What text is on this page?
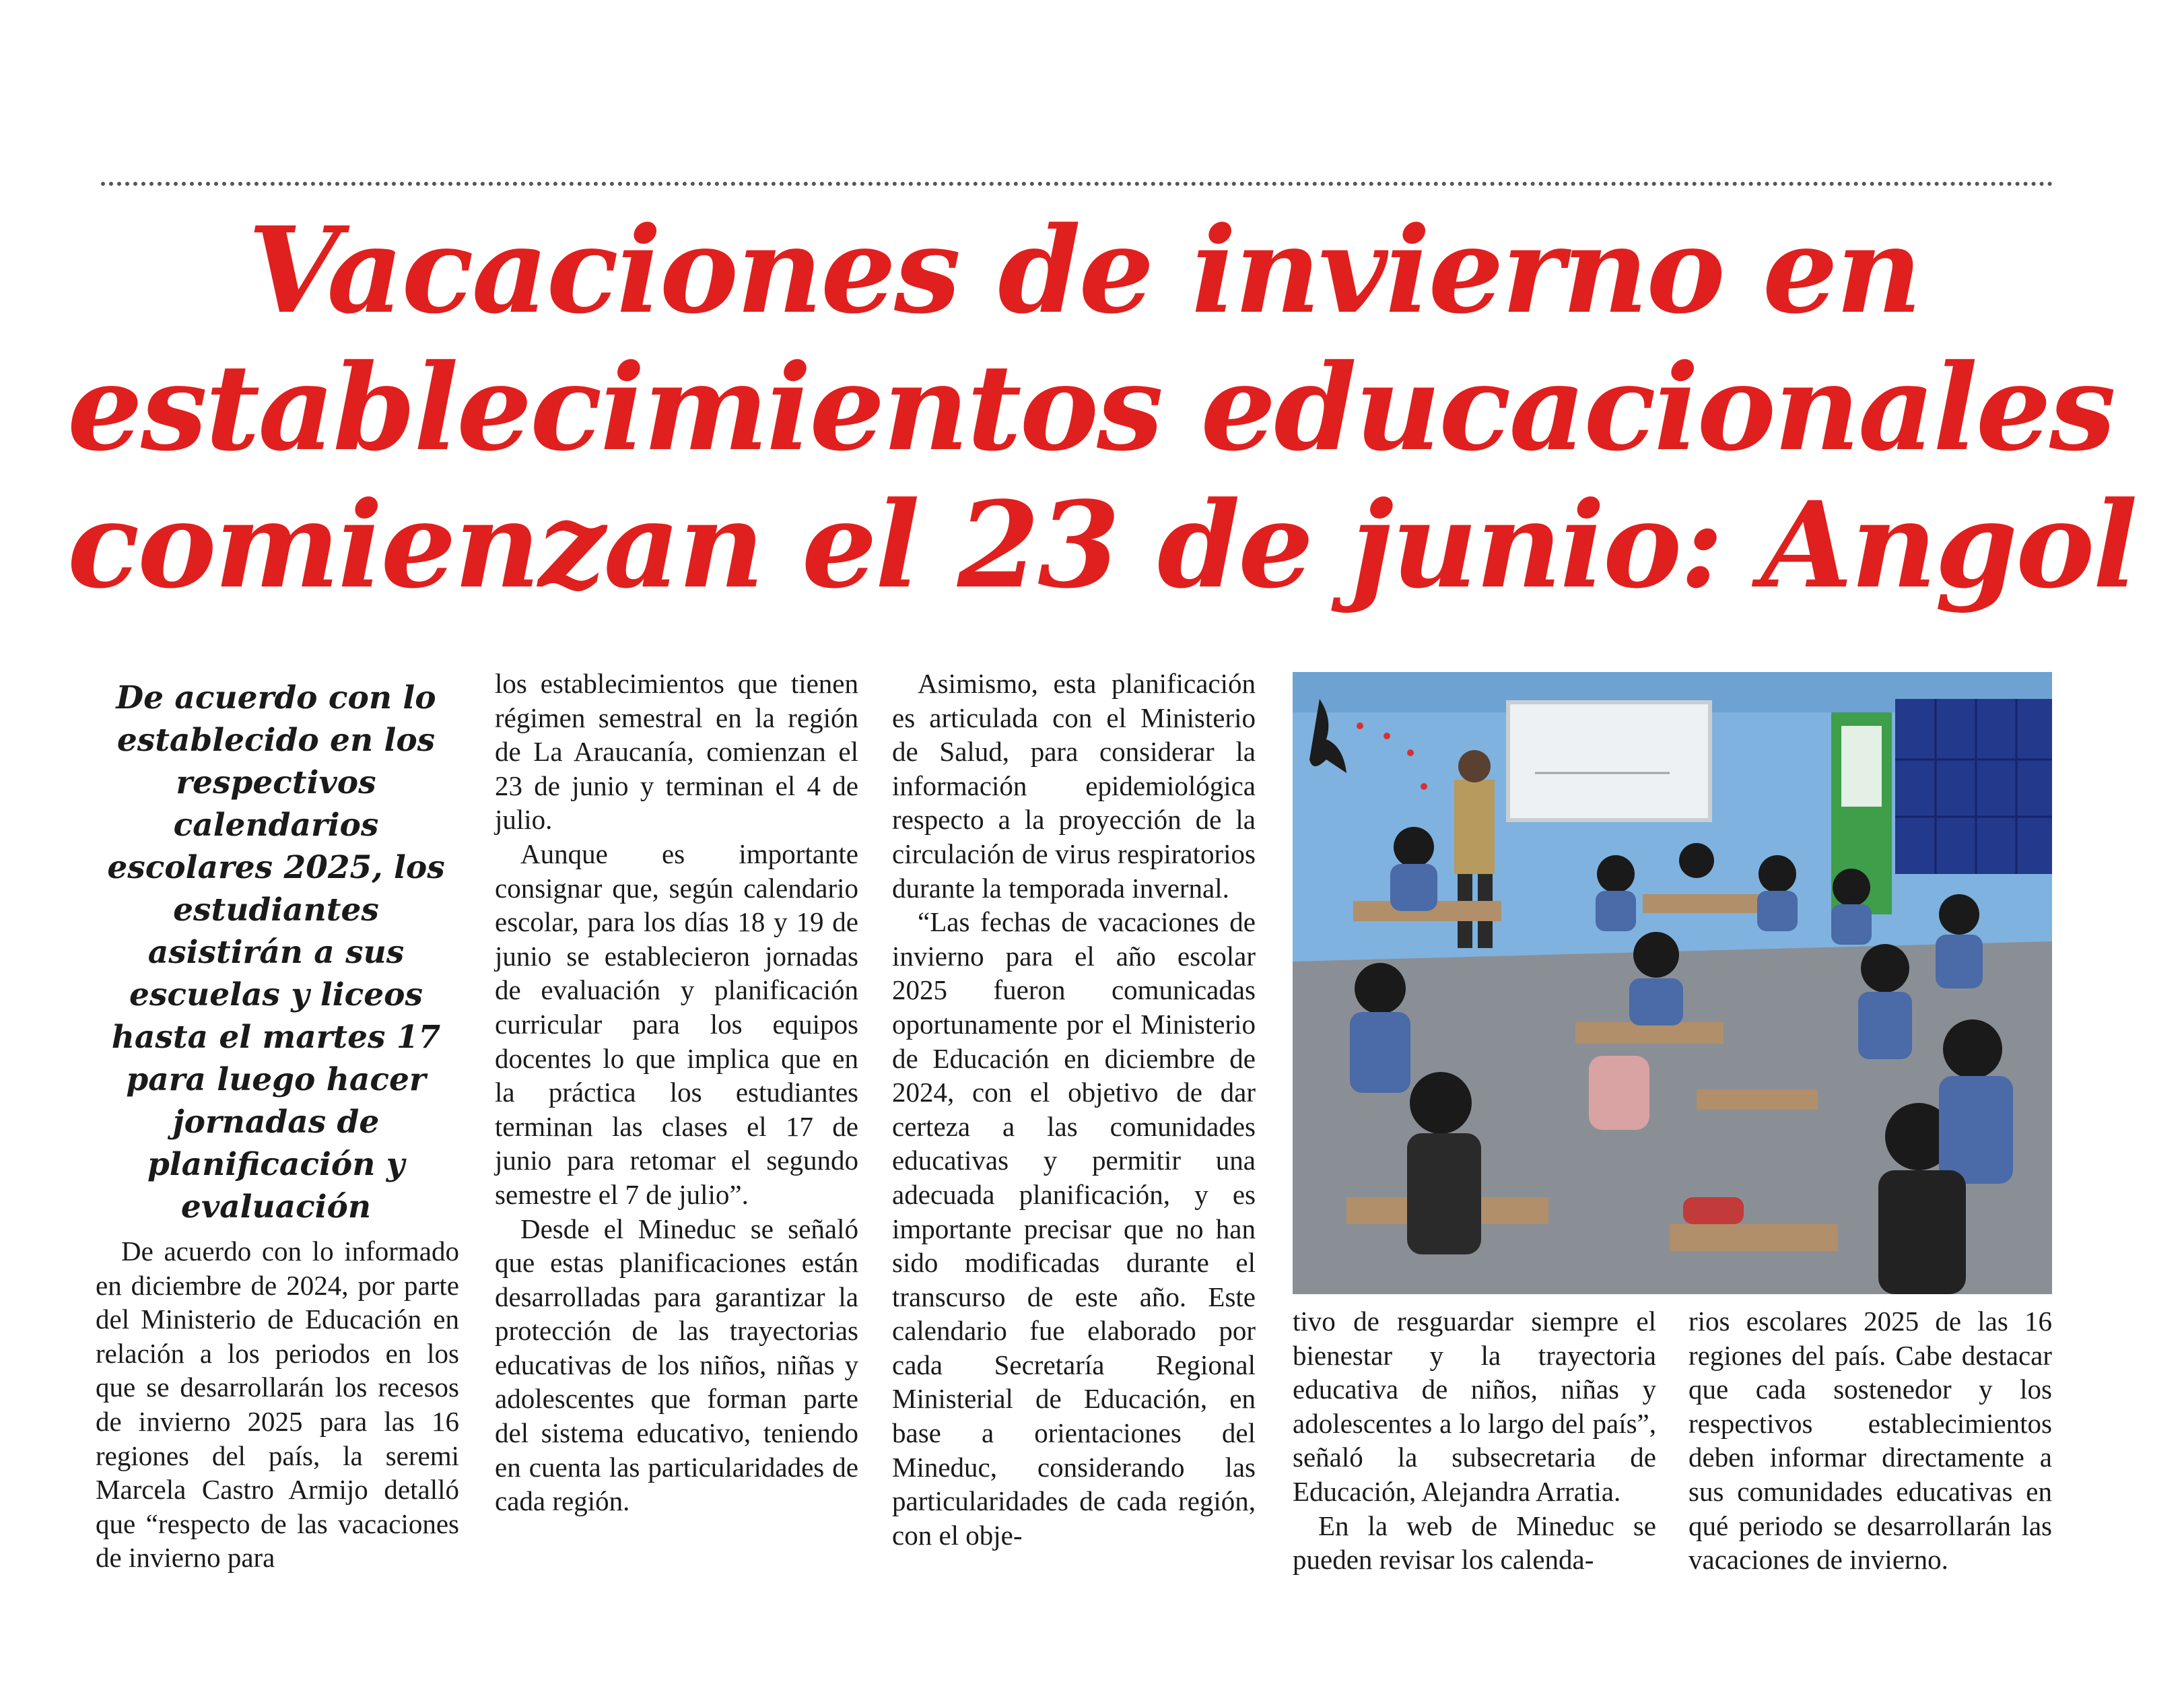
Vacaciones de invierno en
establecimientos educacionales
comienzan el 23 de junio: Angol

De acuerdo con lo establecido en los respectivos calendarios escolares 2025, los estudiantes asistirán a sus escuelas y liceos hasta el martes 17 para luego hacer jornadas de planificación y evaluación

De acuerdo con lo informado en diciembre de 2024, por parte del Ministerio de Educación en relación a los periodos en los que se desarrollarán los recesos de invierno 2025 para las 16 regiones del país, la seremi Marcela Castro Armijo detalló que “respecto de las vacaciones de invierno para

los establecimientos que tienen régimen semestral en la región de La Araucanía, comienzan el 23 de junio y terminan el 4 de julio.

Aunque es importante consignar que, según calendario escolar, para los días 18 y 19 de junio se establecieron jornadas de evaluación y planificación curricular para los equipos docentes lo que implica que en la práctica los estudiantes terminan las clases el 17 de junio para retomar el segundo semestre el 7 de julio”.

Desde el Mineduc se señaló que estas planificaciones están desarrolladas para garantizar la protección de las trayectorias educativas de los niños, niñas y adolescentes que forman parte del sistema educativo, teniendo en cuenta las particularidades de cada región.

Asimismo, esta planificación es articulada con el Ministerio de Salud, para considerar la información epidemiológica respecto a la proyección de la circulación de virus respiratorios durante la temporada invernal.

“Las fechas de vacaciones de invierno para el año escolar 2025 fueron comunicadas oportunamente por el Ministerio de Educación en diciembre de 2024, con el objetivo de dar certeza a las comunidades educativas y permitir una adecuada planificación, y es importante precisar que no han sido modificadas durante el transcurso de este año. Este calendario fue elaborado por cada Secretaría Regional Ministerial de Educación, en base a orientaciones del Mineduc, considerando las particularidades de cada región, con el obje-

tivo de resguardar siempre el bienestar y la trayectoria educativa de niños, niñas y adolescentes a lo largo del país”, señaló la subsecretaria de Educación, Alejandra Arratia.

En la web de Mineduc se pueden revisar los calenda-

rios escolares 2025 de las 16 regiones del país. Cabe destacar que cada sostenedor y los respectivos establecimientos deben informar directamente a sus comunidades educativas en qué periodo se desarrollarán las vacaciones de invierno.
